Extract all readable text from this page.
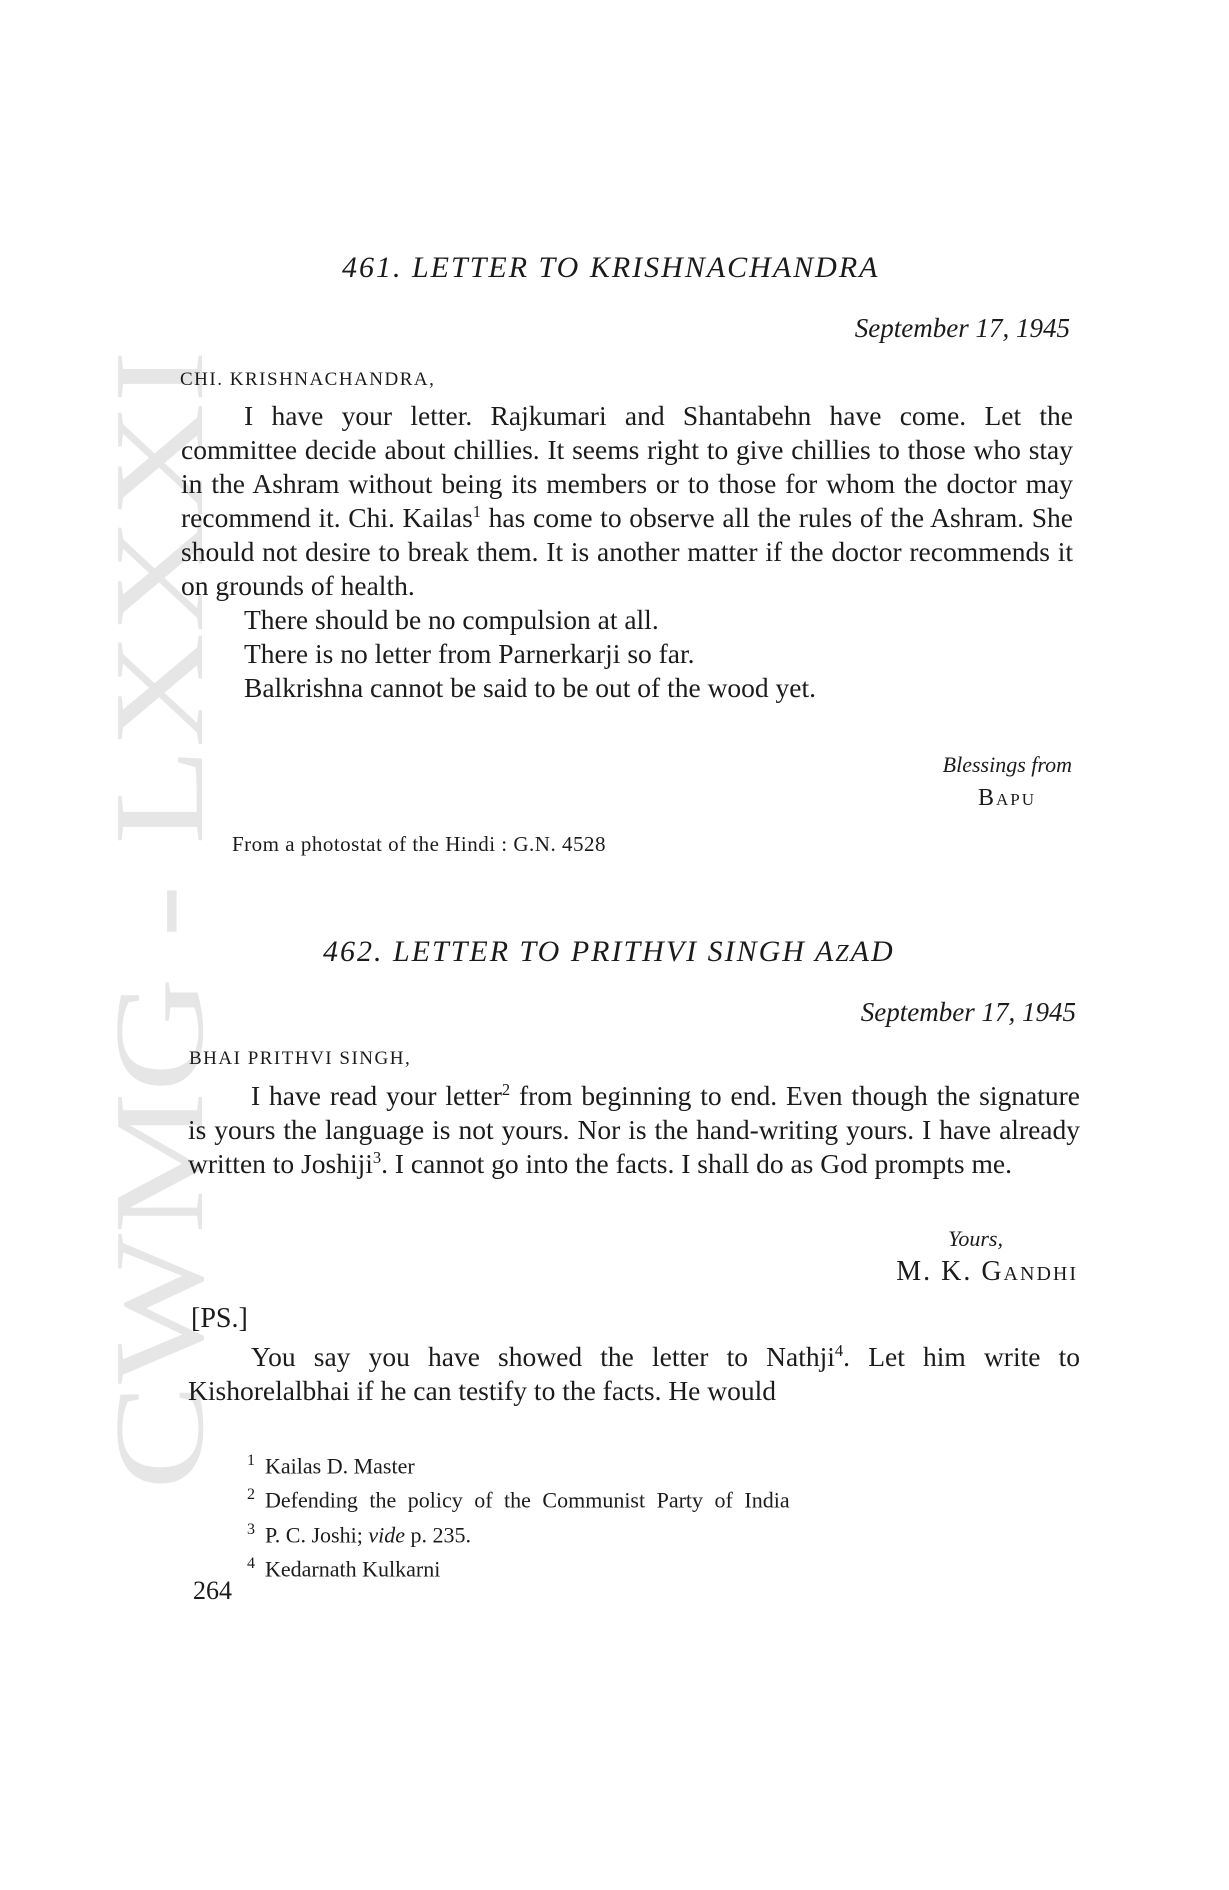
CWMG LXXXI
461. LETTER TO KRISHNACHANDRA
September 17, 1945
CHI. KRISHNACHANDRA,

I have your letter. Rajkumari and Shantabehn have come. Let the committee decide about chillies. It seems right to give chillies to those who stay in the Ashram without being its members or to those for whom the doctor may recommend it. Chi. Kailas$^1$ has come to observe all the rules of the Ashram. She should not desire to break them. It is another matter if the doctor recommends it on grounds of health.

There should be no compulsion at all.

There is no letter from Parnerkarji so far.

Balkrishna cannot be said to be out of the wood yet.

Blessings from
Bapu
From a photostat of the Hindi : G.N. 4528
462. LETTER TO PRITHVI SINGH AZAD
September 17, 1945
BHAI PRITHVI SINGH,

I have read your letter$^2$ from beginning to end. Even though the signature is yours the language is not yours. Nor is the hand-writing yours. I have already written to Joshiji$^3$. I cannot go into the facts. I shall do as God prompts me.

Yours,
M. K. Gandhi
[PS.]

You say you have showed the letter to Nathji$^4$. Let him write to Kishorelalbhai if he can testify to the facts. He would

1 Kailas D. Master
2 Defending the policy of the Communist Party of India
3 P. C. Joshi; vide p. 235.
4 Kedarnath Kulkarni
264
